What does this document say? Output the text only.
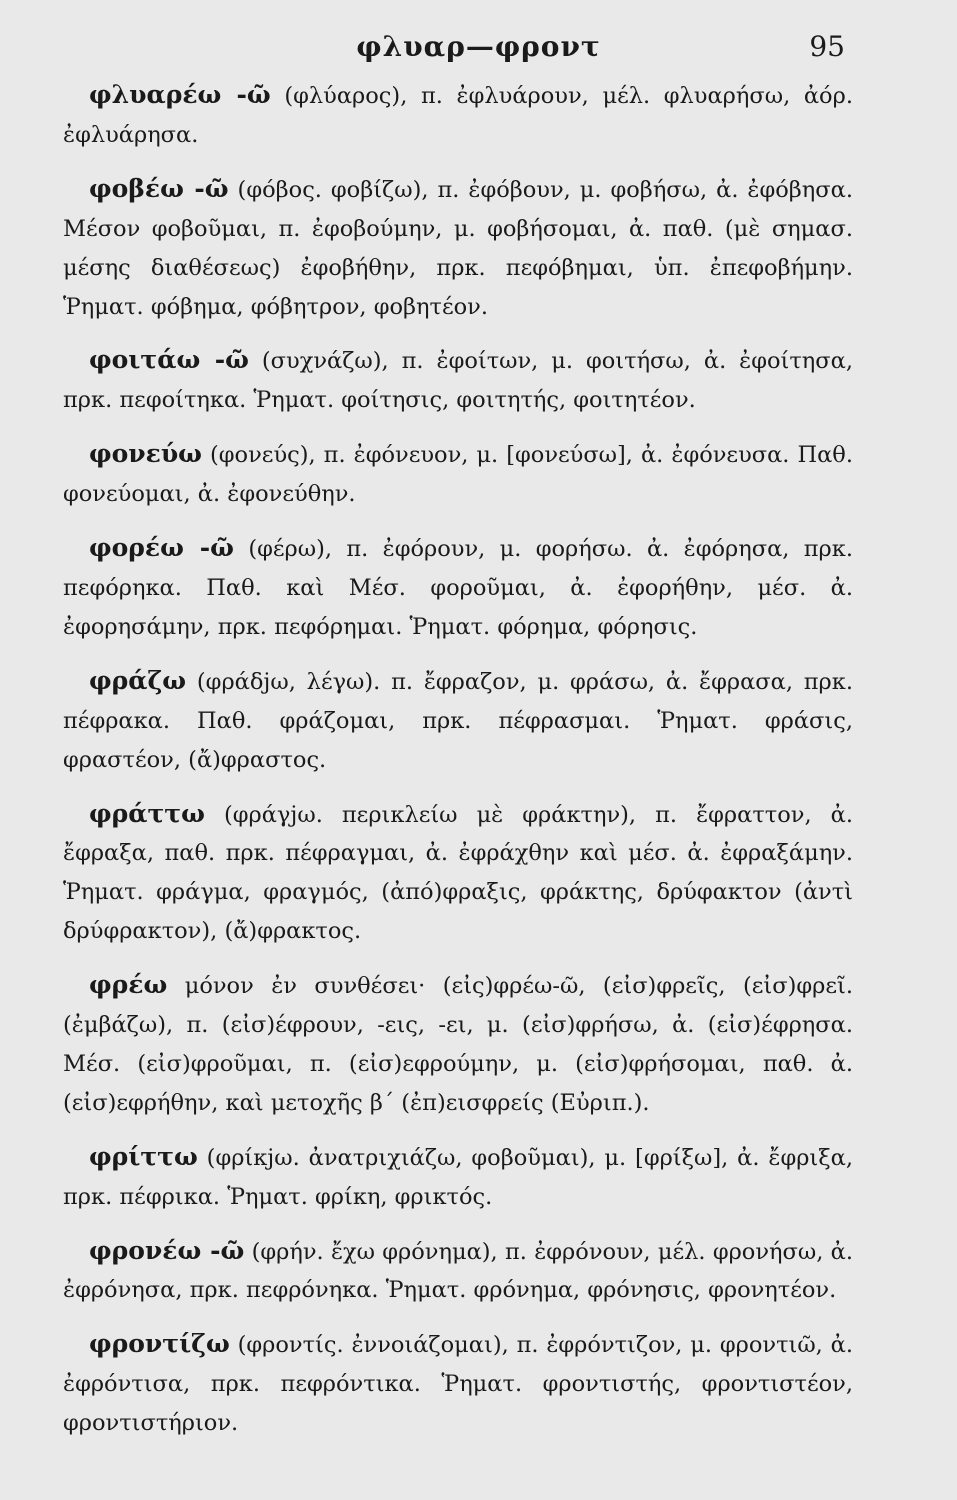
φλυαρ—φροντ	95

φλυαρέω -ῶ (φλύαρος), π. ἐφλυάρουν, μέλ. φλυαρήσω, ἀόρ. ἐφλυάρησα.

φοβέω -ῶ (φόβος. φοβίζω), π. ἐφόβουν, μ. φοβήσω, ἀ. ἐφόβησα. Μέσον φοβοῦμαι, π. ἐφοβούμην, μ. φοβήσομαι, ἀ. παθ. (μὲ σημασ. μέσης διαθέσεως) ἐφοβήθην, πρκ. πεφόβημαι, ὑπ. ἐπεφοβήμην. Ῥηματ. φόβημα, φόβητρον, φοβητέον.

φοιτάω -ῶ (συχνάζω), π. ἐφοίτων, μ. φοιτήσω, ἀ. ἐφοίτησα, πρκ. πεφοίτηκα. Ῥηματ. φοίτησις, φοιτητής, φοιτητέον.

φονεύω (φονεύς), π. ἐφόνευον, μ. [φονεύσω], ἀ. ἐφόνευσα. Παθ. φονεύομαι, ἀ. ἐφονεύθην.

φορέω -ῶ (φέρω), π. ἐφόρουν, μ. φορήσω. ἀ. ἐφόρησα, πρκ. πεφόρηκα. Παθ. καὶ Μέσ. φοροῦμαι, ἀ. ἐφορήθην, μέσ. ἀ. ἐφορησάμην, πρκ. πεφόρημαι. Ῥηματ. φόρημα, φόρησις.

φράζω (φράδjω, λέγω). π. ἔφραζον, μ. φράσω, ἀ. ἔφρασα, πρκ. πέφρακα. Παθ. φράζομαι, πρκ. πέφρασμαι. Ῥηματ. φράσις, φραστέον, (ἄ)φραστος.

φράττω (φράγjω. περικλείω μὲ φράκτην), π. ἔφραττον, ἀ. ἔφραξα, παθ. πρκ. πέφραγμαι, ἀ. ἐφράχθην καὶ μέσ. ἀ. ἐφραξάμην. Ῥηματ. φράγμα, φραγμός, (ἀπό)φραξις, φράκτης, δρύφακτον (ἀντὶ δρύφρακτον), (ἄ)φρακτος.

φρέω μόνον ἐν συνθέσει· (εἰς)φρέω-ῶ, (εἰσ)φρεῖς, (εἰσ)φρεῖ. (ἐμβάζω), π. (εἰσ)έφρουν, -εις, -ει, μ. (εἰσ)φρήσω, ἀ. (εἰσ)έφρησα. Μέσ. (εἰσ)φροῦμαι, π. (εἰσ)εφρούμην, μ. (εἰσ)φρήσομαι, παθ. ἀ. (εἰσ)εφρήθην, καὶ μετοχῆς β´ (ἐπ)εισφρείς (Εὐριπ.).

φρίττω (φρίκjω. ἀνατριχιάζω, φοβοῦμαι), μ. [φρίξω], ἀ. ἔφριξα, πρκ. πέφρικα. Ῥηματ. φρίκη, φρικτός.

φρονέω -ῶ (φρήν. ἔχω φρόνημα), π. ἐφρόνουν, μέλ. φρονήσω, ἀ. ἐφρόνησα, πρκ. πεφρόνηκα. Ῥηματ. φρόνημα, φρόνησις, φρονητέον.

φροντίζω (φροντίς. ἐννοιάζομαι), π. ἐφρόντιζον, μ. φροντιῶ, ἀ. ἐφρόντισα, πρκ. πεφρόντικα. Ῥηματ. φροντιστής, φροντιστέον, φροντιστήριον.
